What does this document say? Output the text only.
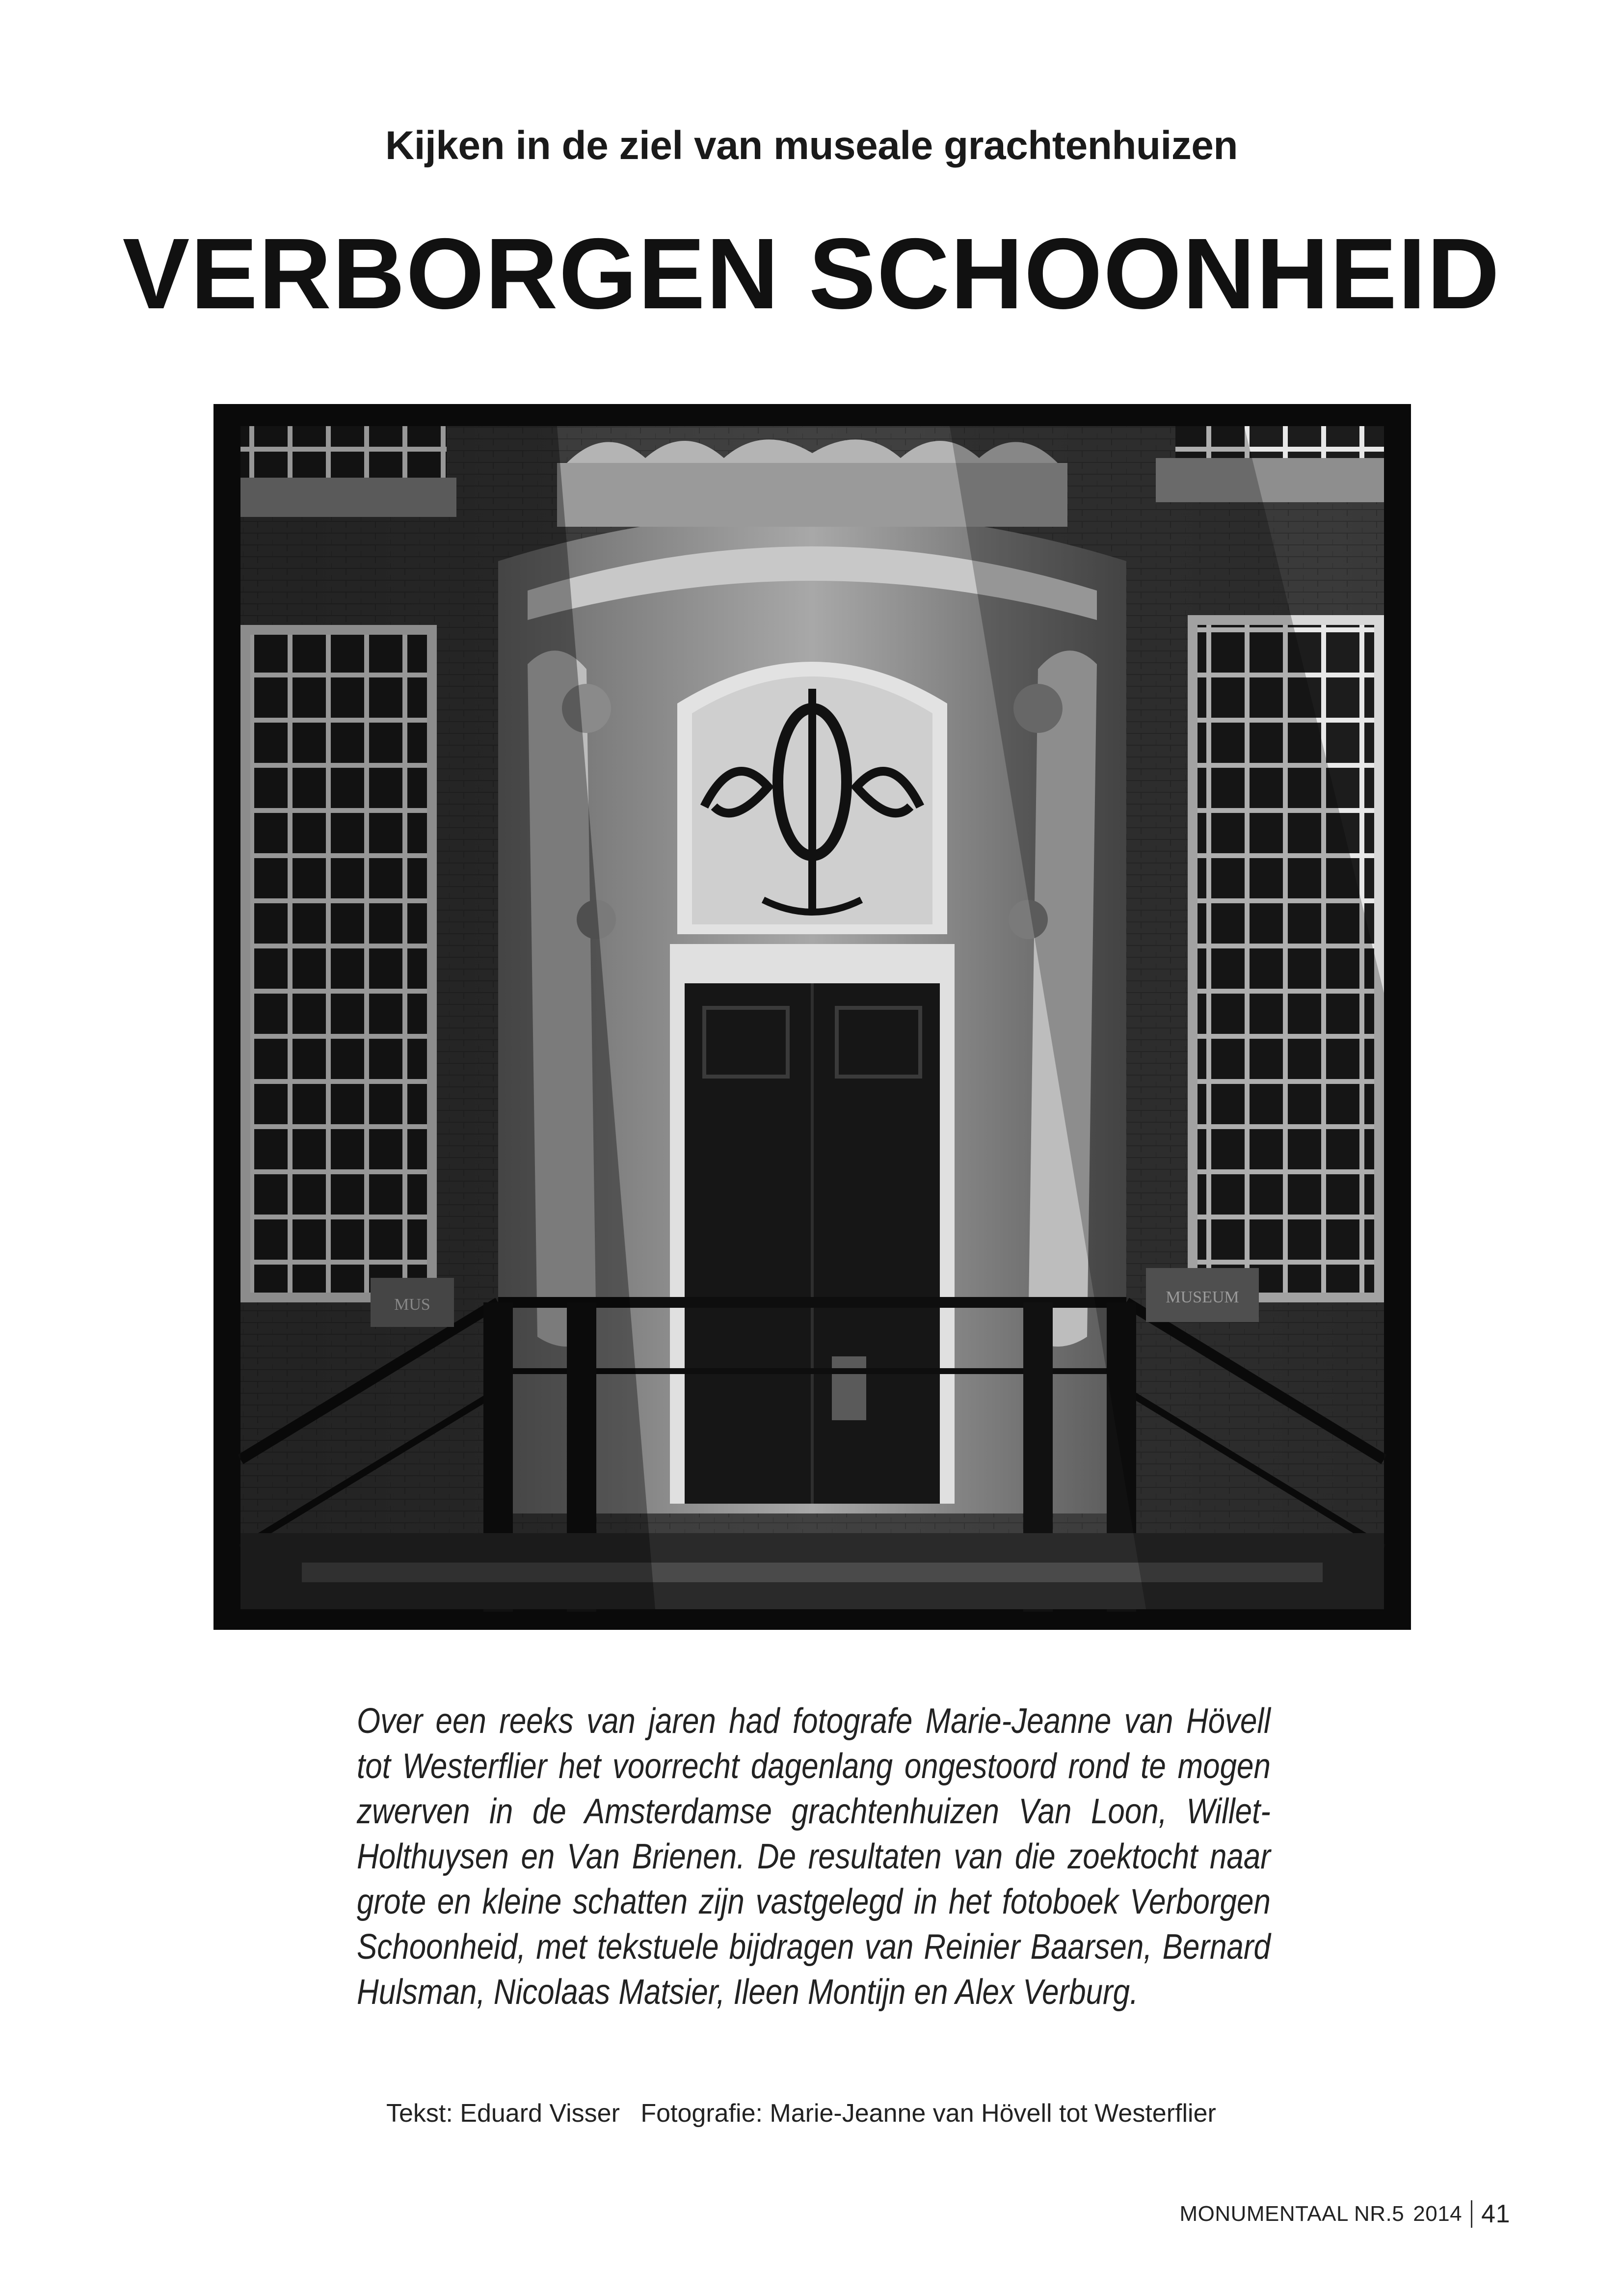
Kijken in de ziel van museale grachtenhuizen
VERBORGEN SCHOONHEID
MUS	MUSEUM
Over een reeks van jaren had fotografe Marie-Jeanne van Hövell tot Westerflier het voorrecht dagenlang ongestoord rond te mogen zwerven in de Amsterdamse grachtenhuizen Van Loon, Willet-Holthuysen en Van Brienen. De resultaten van die zoektocht naar grote en kleine schatten zijn vastgelegd in het fotoboek Verborgen Schoonheid, met tekstuele bijdragen van Reinier Baarsen, Bernard Hulsman, Nicolaas Matsier, Ileen Montijn en Alex Verburg.
Tekst: Eduard Visser Fotografie: Marie-Jeanne van Hövell tot Westerflier
MONUMENTAAL NR.5 2014 41
